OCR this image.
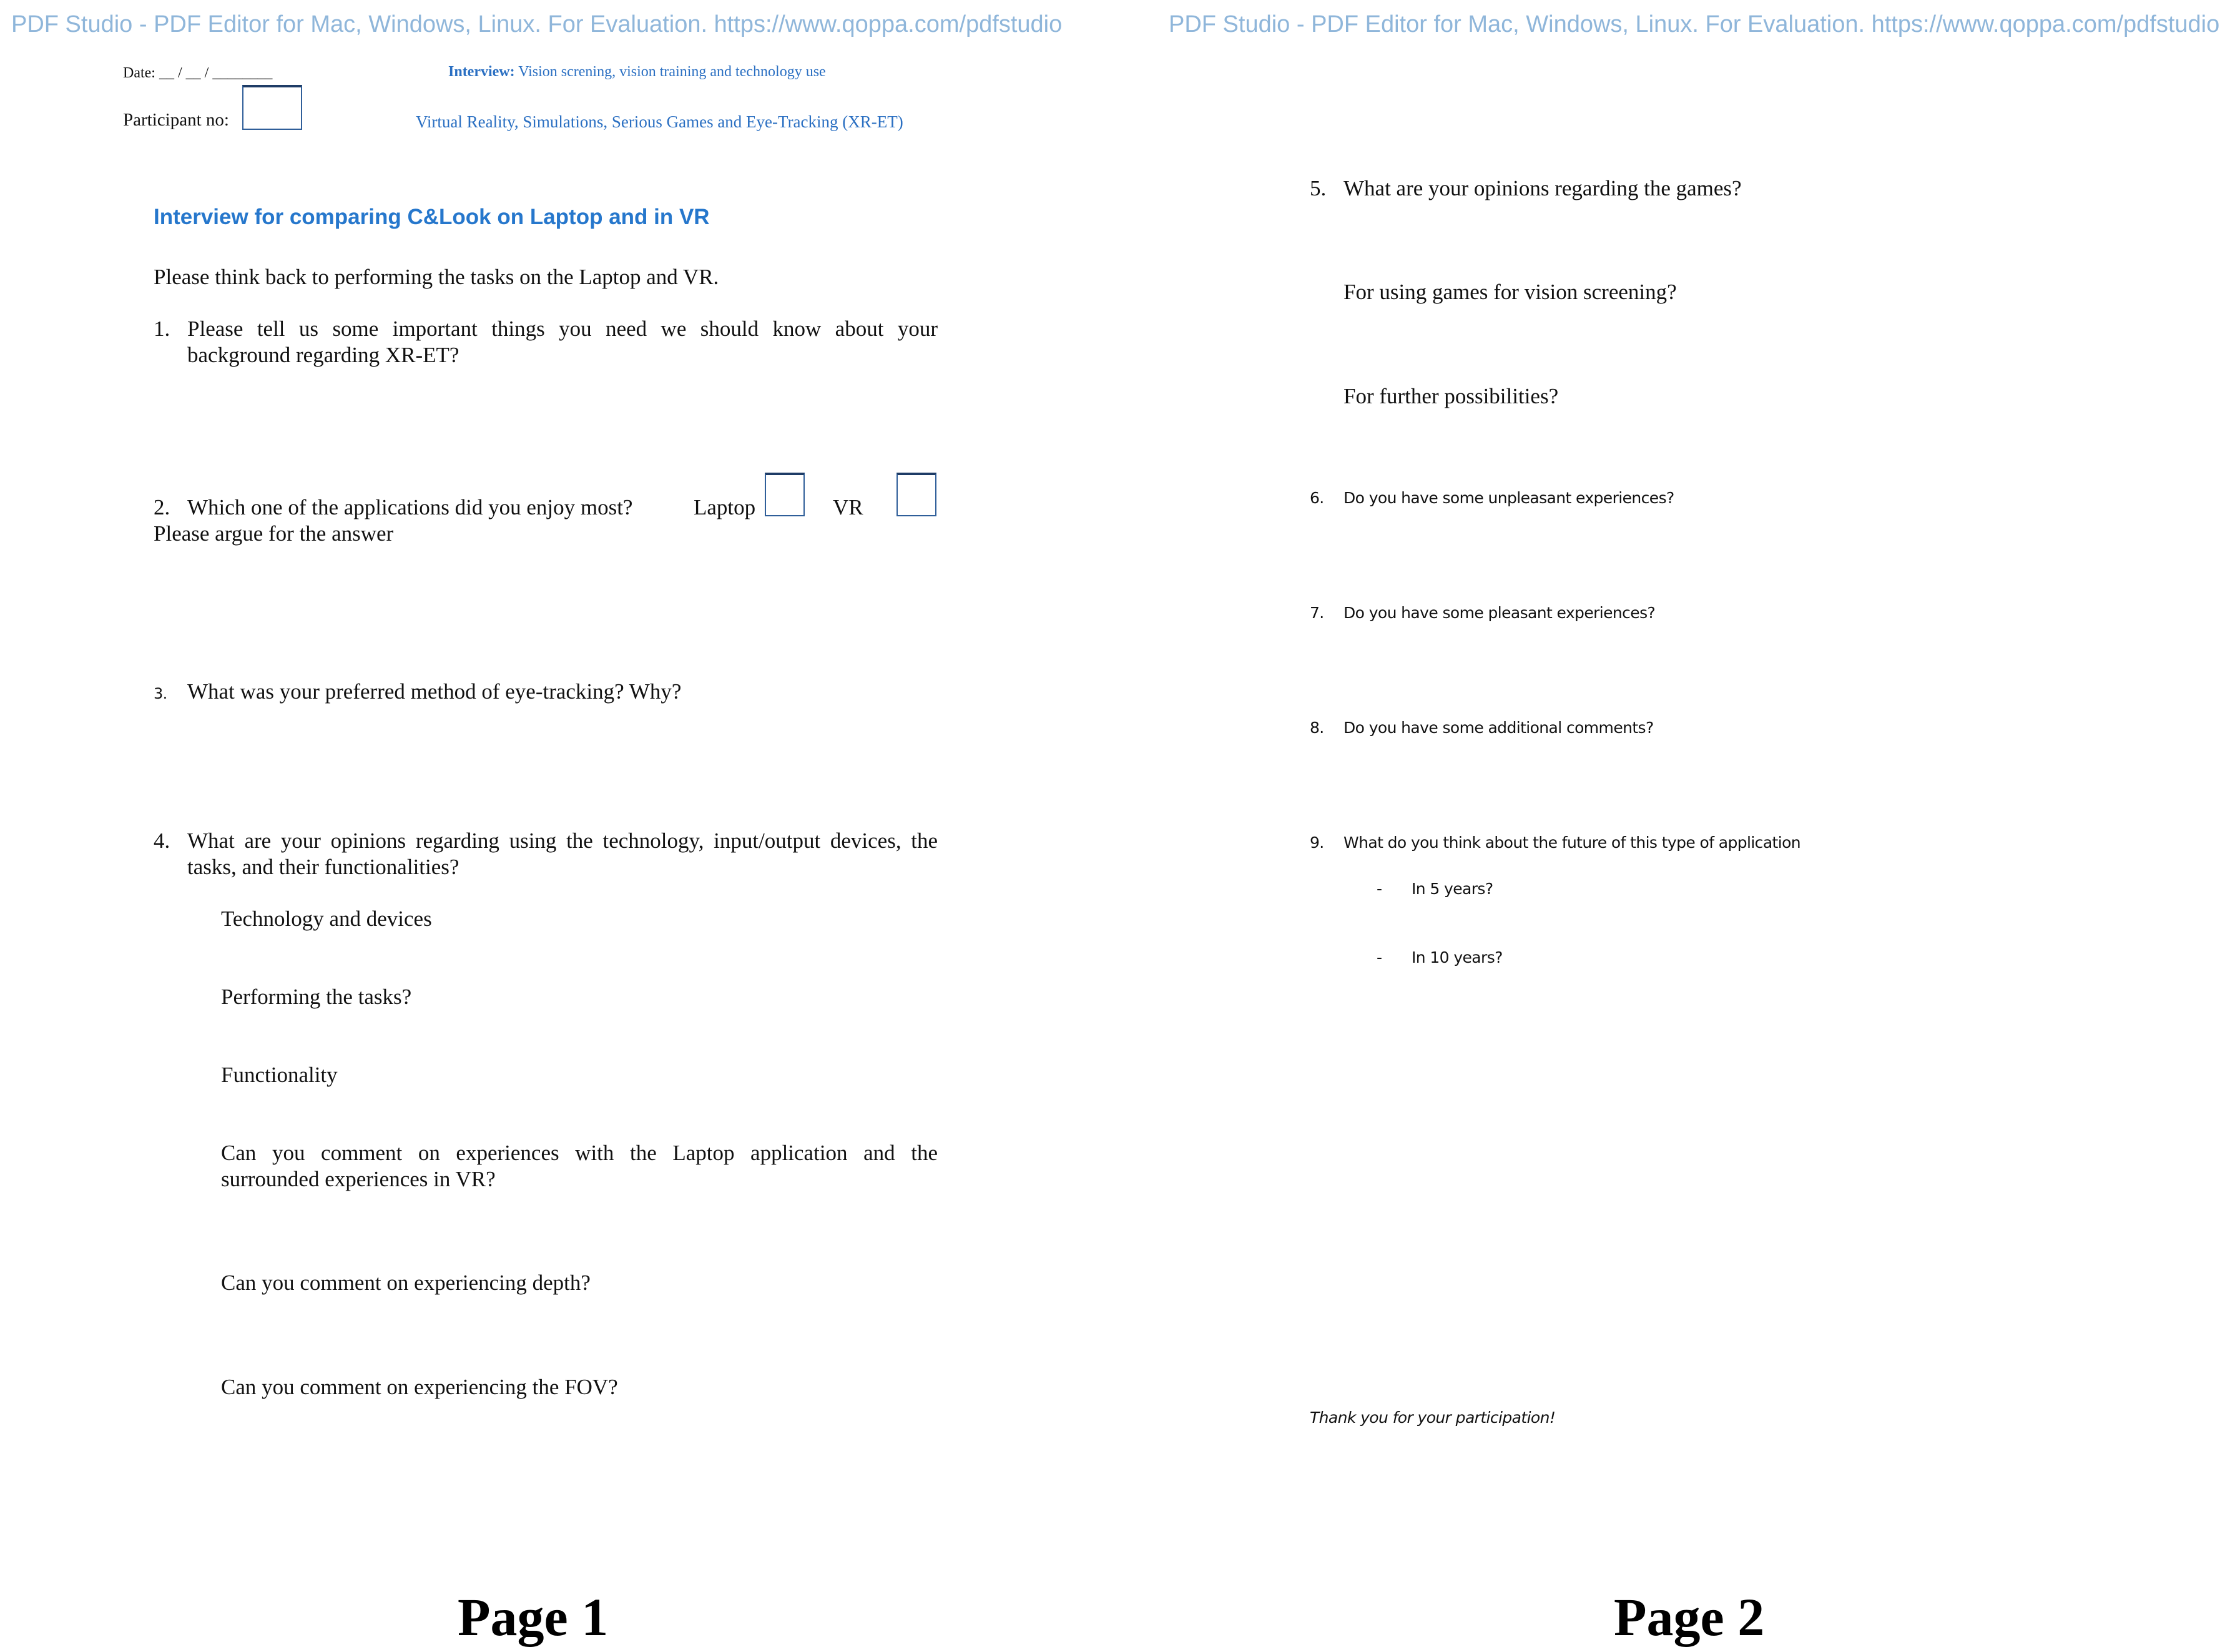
PDF Studio - PDF Editor for Mac, Windows, Linux. For Evaluation. https://www.qoppa.com/pdfstudio	PDF Studio - PDF Editor for Mac, Windows, Linux. For Evaluation. https://www.qoppa.com/pdfstudio
Date: __ / __ / ________	Interview: Vision screning, vision training and technology use
Participant no:	Virtual Reality, Simulations, Serious Games and Eye-Tracking (XR-ET)
Interview for comparing C&Look on Laptop and in VR
Please think back to performing the tasks on the Laptop and VR.
1. Please tell us some important things you need we should know about your
background regarding XR-ET?
2. Which one of the applications did you enjoy most?	Laptop	VR
Please argue for the answer
3. What was your preferred method of eye-tracking? Why?
4. What are your opinions regarding using the technology, input/output devices, the
tasks, and their functionalities?
Technology and devices
Performing the tasks?
Functionality
Can you comment on experiences with the Laptop application and the
surrounded experiences in VR?
Can you comment on experiencing depth?
Can you comment on experiencing the FOV?
Page 1
5. What are your opinions regarding the games?
For using games for vision screening?
For further possibilities?
6. Do you have some unpleasant experiences?
7. Do you have some pleasant experiences?
8. Do you have some additional comments?
9. What do you think about the future of this type of application
- In 5 years?
- In 10 years?
Thank you for your participation!
Page 2
